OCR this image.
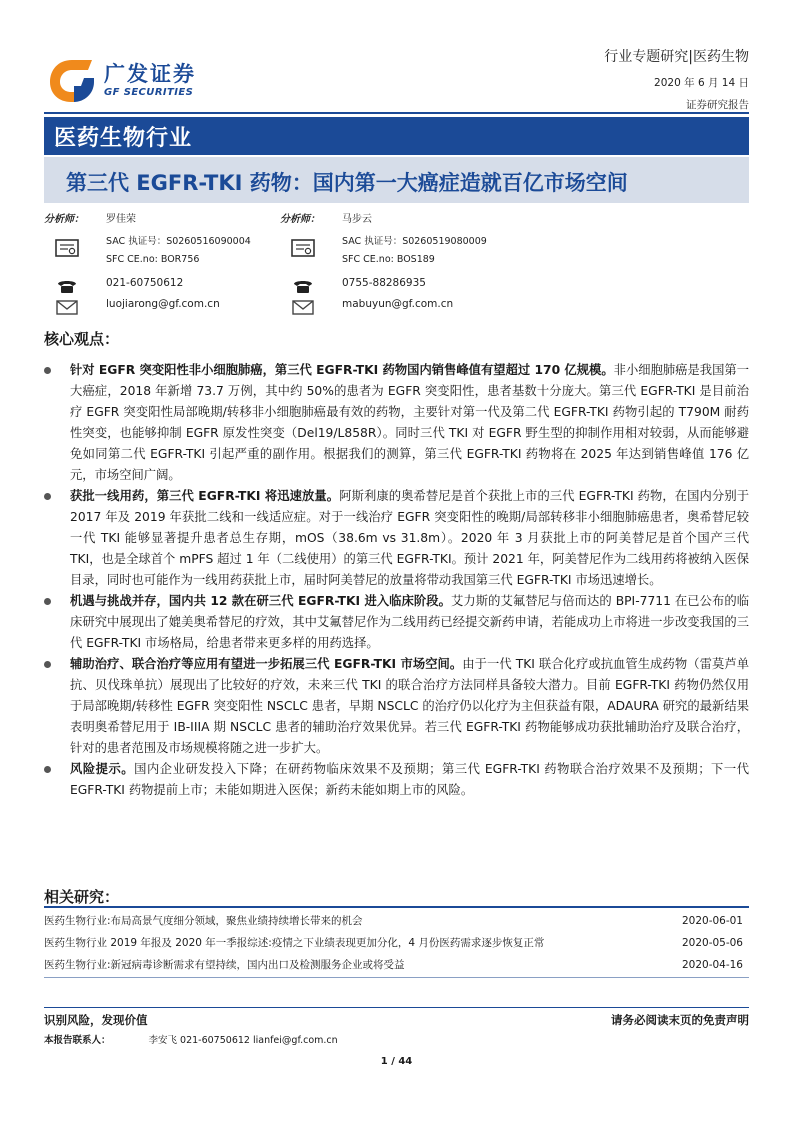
广发证券
GF SECURITIES
行业专题研究|医药生物
2020 年 6 月 14 日
证券研究报告
医药生物行业
第三代 EGFR-TKI 药物：国内第一大癌症造就百亿市场空间
分析师： 罗佳荣
SAC 执证号：S0260516090004
SFC CE.no: BOR756
021-60750612
luojiarong@gf.com.cn
分析师： 马步云
SAC 执证号：S0260519080009
SFC CE.no: BOS189
0755-88286935
mabuyun@gf.com.cn
核心观点：
针对 EGFR 突变阳性非小细胞肺癌，第三代 EGFR-TKI 药物国内销售峰值有望超过 170 亿规模。非小细胞肺癌是我国第一大癌症，2018 年新增 73.7 万例，其中约 50%的患者为 EGFR 突变阳性，患者基数十分庞大。第三代 EGFR-TKI 是目前治疗 EGFR 突变阳性局部晚期/转移非小细胞肺癌最有效的药物，主要针对第一代及第二代 EGFR-TKI 药物引起的 T790M 耐药性突变，也能够抑制 EGFR 原发性突变（Del19/L858R）。同时三代 TKI 对 EGFR 野生型的抑制作用相对较弱，从而能够避免如同第二代 EGFR-TKI 引起严重的副作用。根据我们的测算，第三代 EGFR-TKI 药物将在 2025 年达到销售峰值 176 亿元，市场空间广阔。
获批一线用药，第三代 EGFR-TKI 将迅速放量。阿斯利康的奥希替尼是首个获批上市的三代 EGFR-TKI 药物，在国内分别于 2017 年及 2019 年获批二线和一线适应症。对于一线治疗 EGFR 突变阳性的晚期/局部转移非小细胞肺癌患者，奥希替尼较一代 TKI 能够显著提升患者总生存期，mOS（38.6m vs 31.8m）。2020 年 3 月获批上市的阿美替尼是首个国产三代 TKI，也是全球首个 mPFS 超过 1 年（二线使用）的第三代 EGFR-TKI。预计 2021 年，阿美替尼作为二线用药将被纳入医保目录，同时也可能作为一线用药获批上市，届时阿美替尼的放量将带动我国第三代 EGFR-TKI 市场迅速增长。
机遇与挑战并存，国内共 12 款在研三代 EGFR-TKI 进入临床阶段。艾力斯的艾氟替尼与倍而达的 BPI-7711 在已公布的临床研究中展现出了媲美奥希替尼的疗效，其中艾氟替尼作为二线用药已经提交新药申请，若能成功上市将进一步改变我国的三代 EGFR-TKI 市场格局，给患者带来更多样的用药选择。
辅助治疗、联合治疗等应用有望进一步拓展三代 EGFR-TKI 市场空间。由于一代 TKI 联合化疗或抗血管生成药物（雷莫芦单抗、贝伐珠单抗）展现出了比较好的疗效，未来三代 TKI 的联合治疗方法同样具备较大潜力。目前 EGFR-TKI 药物仍然仅用于局部晚期/转移性 EGFR 突变阳性 NSCLC 患者，早期 NSCLC 的治疗仍以化疗为主但获益有限，ADAURA 研究的最新结果表明奥希替尼用于 IB-IIIA 期 NSCLC 患者的辅助治疗效果优异。若三代 EGFR-TKI 药物能够成功获批辅助治疗及联合治疗，针对的患者范围及市场规模将随之进一步扩大。
风险提示。国内企业研发投入下降；在研药物临床效果不及预期；第三代 EGFR-TKI 药物联合治疗效果不及预期；下一代 EGFR-TKI 药物提前上市；未能如期进入医保；新药未能如期上市的风险。
相关研究：
医药生物行业:布局高景气度细分领域，聚焦业绩持续增长带来的机会	2020-06-01
医药生物行业 2019 年报及 2020 年一季报综述:疫情之下业绩表现更加分化，4 月份医药需求逐步恢复正常	2020-05-06
医药生物行业:新冠病毒诊断需求有望持续，国内出口及检测服务企业或将受益	2020-04-16
识别风险，发现价值	请务必阅读末页的免责声明
本报告联系人：	李安飞 021-60750612 lianfei@gf.com.cn
1 / 44
